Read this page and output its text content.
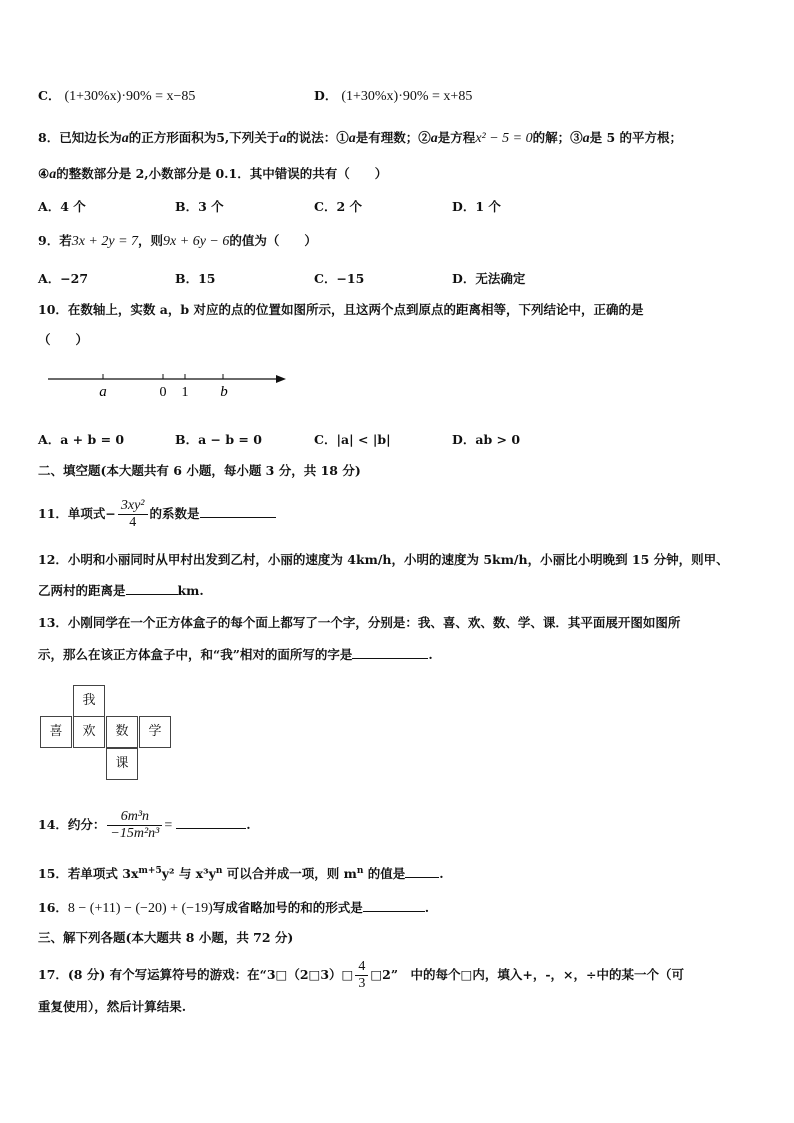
C． (1+30%x)·90% = x−85	D． (1+30%x)·90% = x+85
8．已知边长为a的正方形面积为5,下列关于a的说法：①a是有理数；②a是方程x² − 5 = 0的解；③a是 5 的平方根；
④a的整数部分是 2,小数部分是 0.1．其中错误的共有（　　）
A．4 个	B．3 个	C．2 个	D．1 个
9．若3x + 2y = 7，则9x + 6y − 6的值为（　　）
A．−27	B．15	C．−15	D．无法确定
10．在数轴上，实数 a，b 对应的点的位置如图所示，且这两个点到原点的距离相等，下列结论中，正确的是
（　　）
a	0 1 b
A．a + b = 0	B．a − b = 0	C．|a| < |b|	D．ab > 0
二、填空题(本大题共有 6 小题，每小题 3 分，共 18 分)
11．单项式− $\frac{\text{3xy²}}{4}$ 的系数是
12．小明和小丽同时从甲村出发到乙村，小丽的速度为 4km/h，小明的速度为 5km/h，小丽比小明晚到 15 分钟，则甲、
乙两村的距离是	km.
13．小刚同学在一个正方体盒子的每个面上都写了一个字，分别是：我、喜、欢、数、学、课．其平面展开图如图所
示，那么在该正方体盒子中，和“我”相对的面所写的字是	.
我
喜	欢	数	学
课
14．约分： $\frac{\text{6m³n}}{\text{−15m²n³}}$ =	.
15．若单项式 $3x^{m+5}y^2$ 与 $x^3y^n$ 可以合并成一项，则 $m^n$ 的值是	.
16．8 − (+11) − (−20) + (−19)写成省略加号的和的形式是	.
三、解下列各题(本大题共 8 小题，共 72 分)
17．(8 分) 有个写运算符号的游戏：在“3□（2□3）□ $\frac{4}{3}$ □2”　中的每个□内，填入+，-，×，÷中的某一个（可
重复使用），然后计算结果.
